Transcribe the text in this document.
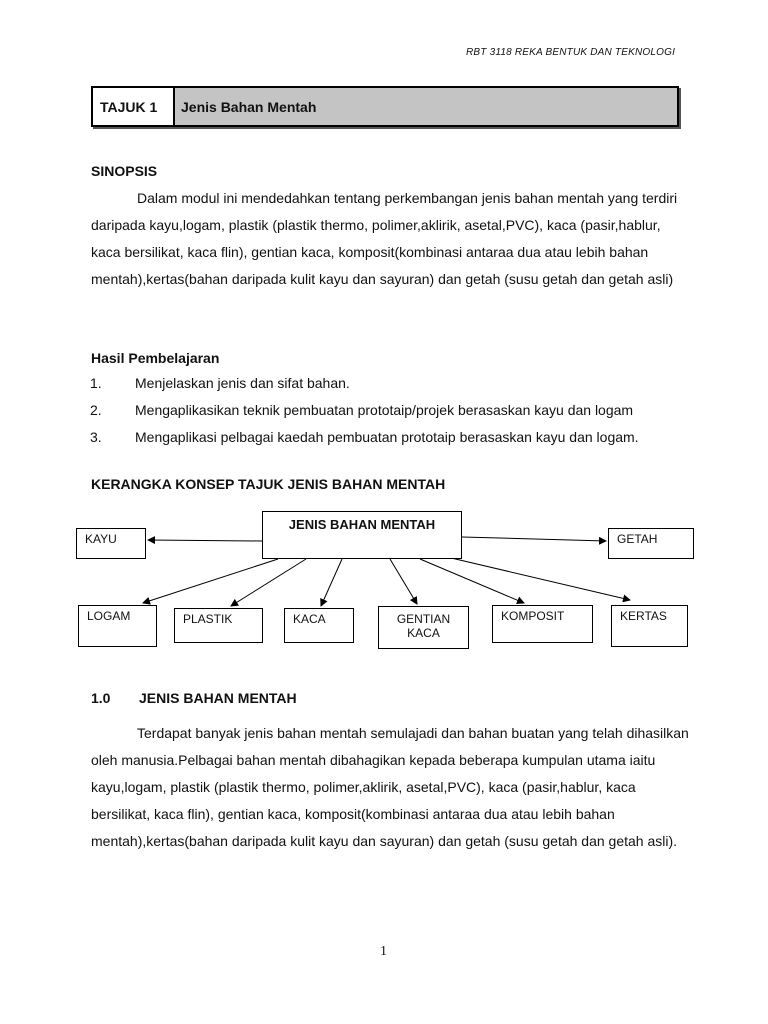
RBT 3118 REKA BENTUK DAN TEKNOLOGI
TAJUK 1	Jenis Bahan Mentah
SINOPSIS

Dalam modul ini mendedahkan tentang perkembangan jenis bahan mentah yang terdiri daripada kayu,logam, plastik (plastik thermo, polimer,aklirik, asetal,PVC), kaca (pasir,hablur, kaca bersilikat, kaca flin), gentian kaca, komposit(kombinasi antaraa dua atau lebih bahan mentah),kertas(bahan daripada kulit kayu dan sayuran) dan getah (susu getah dan getah asli)

Hasil Pembelajaran
1.	Menjelaskan jenis dan sifat bahan.
2.	Mengaplikasikan teknik pembuatan prototaip/projek berasaskan kayu dan logam
3.	Mengaplikasi pelbagai kaedah pembuatan prototaip berasaskan kayu dan logam.
KERANGKA KONSEP TAJUK JENIS BAHAN MENTAH
JENIS BAHAN MENTAH
KAYU	GETAH
LOGAM	PLASTIK	KACA	GENTIAN
KACA
KOMPOSIT	KERTAS
1.0 JENIS BAHAN MENTAH

Terdapat banyak jenis bahan mentah semulajadi dan bahan buatan yang telah dihasilkan oleh manusia.Pelbagai bahan mentah dibahagikan kepada beberapa kumpulan utama iaitu kayu,logam, plastik (plastik thermo, polimer,aklirik, asetal,PVC), kaca (pasir,hablur, kaca bersilikat, kaca flin), gentian kaca, komposit(kombinasi antaraa dua atau lebih bahan mentah),kertas(bahan daripada kulit kayu dan sayuran) dan getah (susu getah dan getah asli).

1
